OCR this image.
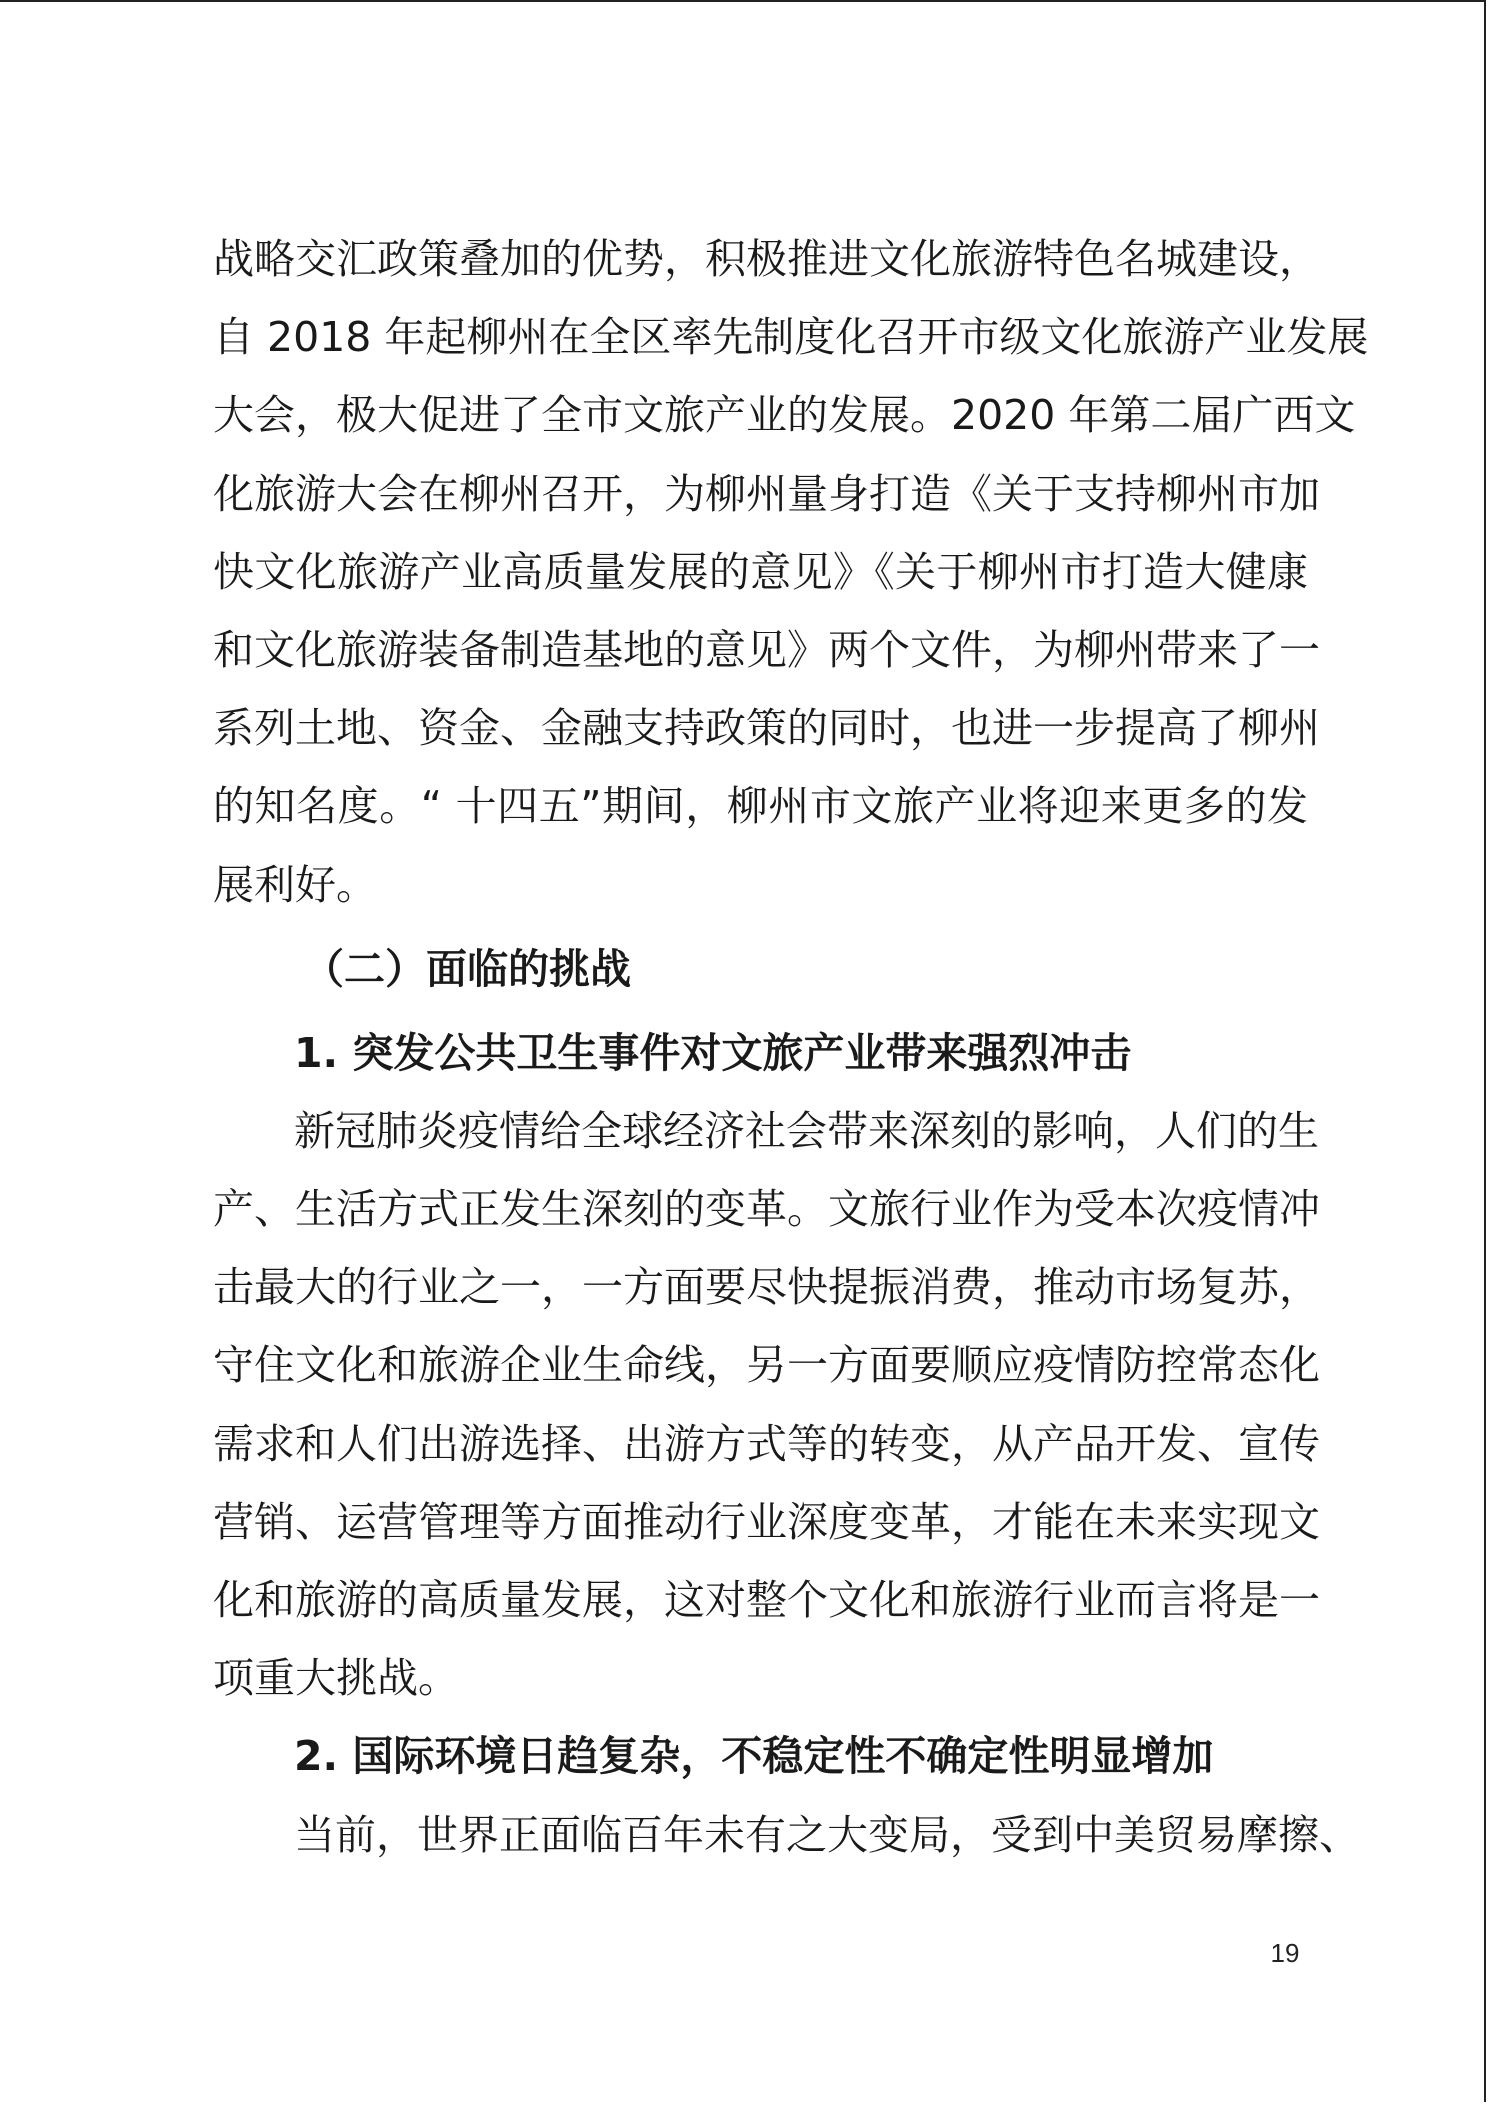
战略交汇政策叠加的优势，积极推进文化旅游特色名城建设，
自 2018 年起柳州在全区率先制度化召开市级文化旅游产业发展
大会，极大促进了全市文旅产业的发展。2020 年第二届广西文
化旅游大会在柳州召开，为柳州量身打造《关于支持柳州市加
快文化旅游产业高质量发展的意见》《关于柳州市打造大健康
和文化旅游装备制造基地的意见》两个文件，为柳州带来了一
系列土地、资金、金融支持政策的同时，也进一步提高了柳州
的知名度。“ 十四五”期间，柳州市文旅产业将迎来更多的发
展利好。
（二）面临的挑战
1. 突发公共卫生事件对文旅产业带来强烈冲击
新冠肺炎疫情给全球经济社会带来深刻的影响，人们的生
产、生活方式正发生深刻的变革。文旅行业作为受本次疫情冲
击最大的行业之一，一方面要尽快提振消费，推动市场复苏，
守住文化和旅游企业生命线，另一方面要顺应疫情防控常态化
需求和人们出游选择、出游方式等的转变，从产品开发、宣传
营销、运营管理等方面推动行业深度变革，才能在未来实现文
化和旅游的高质量发展，这对整个文化和旅游行业而言将是一
项重大挑战。
2. 国际环境日趋复杂，不稳定性不确定性明显增加
当前，世界正面临百年未有之大变局，受到中美贸易摩擦、
19
